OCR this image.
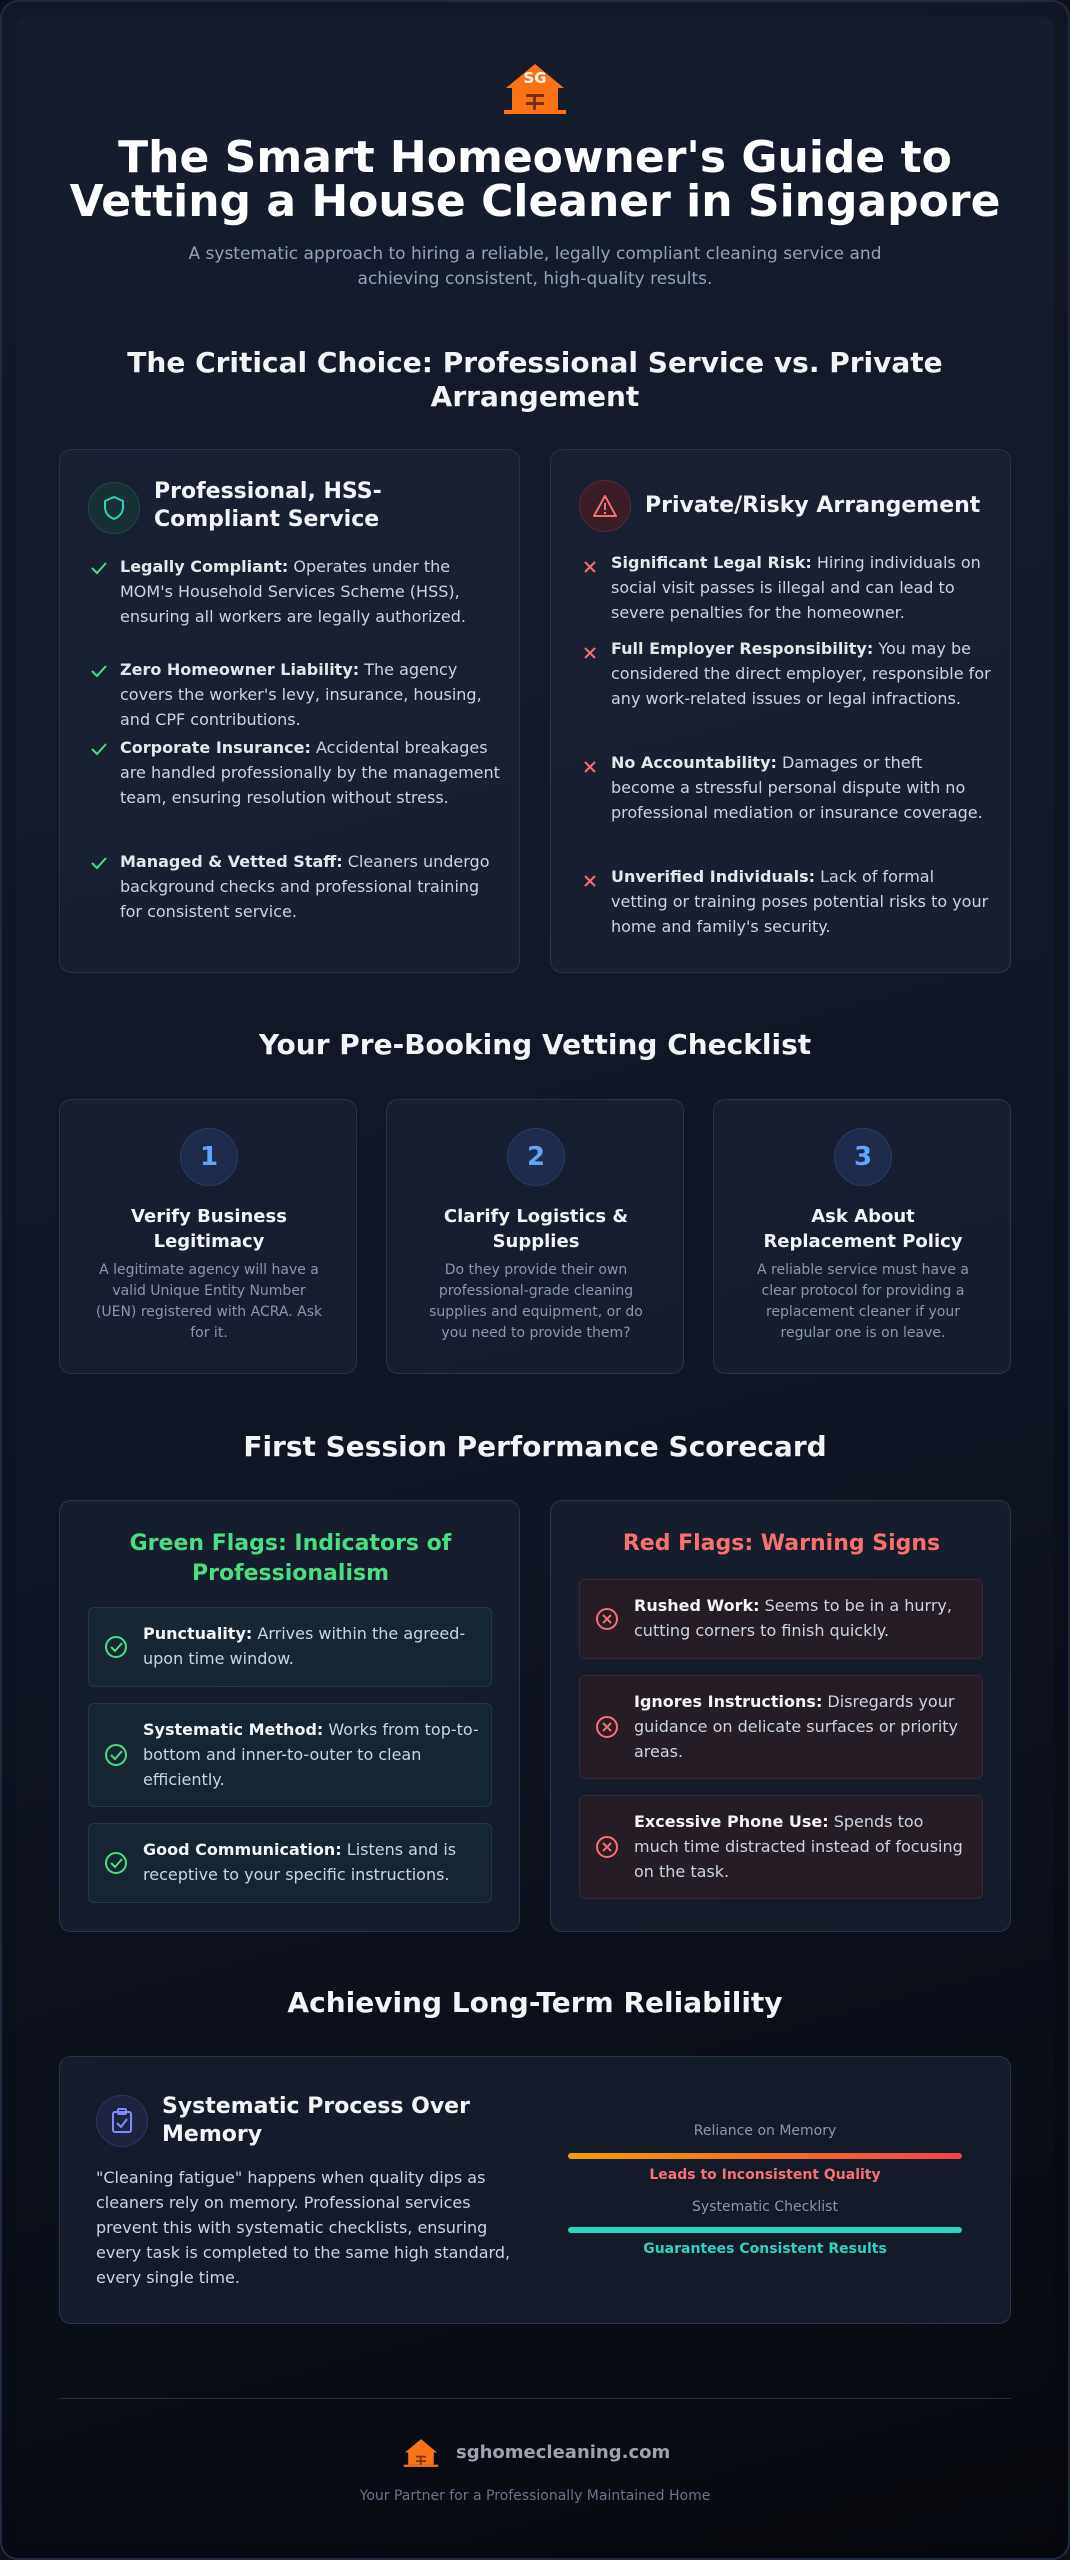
SG
The Smart Homeowner's Guide to
Vetting a House Cleaner in Singapore
A systematic approach to hiring a reliable, legally compliant cleaning service and achieving consistent, high-quality results.
The Critical Choice: Professional Service vs. Private Arrangement
Professional, HSS-Compliant Service
Legally Compliant: Operates under the MOM's Household Services Scheme (HSS), ensuring all workers are legally authorized.
Zero Homeowner Liability: The agency covers the worker's levy, insurance, housing, and CPF contributions.
Corporate Insurance: Accidental breakages are handled professionally by the management team, ensuring resolution without stress.
Managed & Vetted Staff: Cleaners undergo background checks and professional training for consistent service.
Private/Risky Arrangement
Significant Legal Risk: Hiring individuals on social visit passes is illegal and can lead to severe penalties for the homeowner.
Full Employer Responsibility: You may be considered the direct employer, responsible for any work-related issues or legal infractions.
No Accountability: Damages or theft become a stressful personal dispute with no professional mediation or insurance coverage.
Unverified Individuals: Lack of formal vetting or training poses potential risks to your home and family's security.
Your Pre-Booking Vetting Checklist
1
Verify Business Legitimacy
A legitimate agency will have a valid Unique Entity Number (UEN) registered with ACRA. Ask for it.
2
Clarify Logistics & Supplies
Do they provide their own professional-grade cleaning supplies and equipment, or do you need to provide them?
3
Ask About Replacement Policy
A reliable service must have a clear protocol for providing a replacement cleaner if your regular one is on leave.
First Session Performance Scorecard
Green Flags: Indicators of Professionalism
Punctuality: Arrives within the agreed-upon time window.
Systematic Method: Works from top-to-bottom and inner-to-outer to clean efficiently.
Good Communication: Listens and is receptive to your specific instructions.
Red Flags: Warning Signs
Rushed Work: Seems to be in a hurry, cutting corners to finish quickly.
Ignores Instructions: Disregards your guidance on delicate surfaces or priority areas.
Excessive Phone Use: Spends too much time distracted instead of focusing on the task.
Achieving Long-Term Reliability
Systematic Process Over Memory
"Cleaning fatigue" happens when quality dips as cleaners rely on memory. Professional services prevent this with systematic checklists, ensuring every task is completed to the same high standard, every single time.
Reliance on Memory
Leads to Inconsistent Quality
Systematic Checklist
Guarantees Consistent Results
sghomecleaning.com
Your Partner for a Professionally Maintained Home
